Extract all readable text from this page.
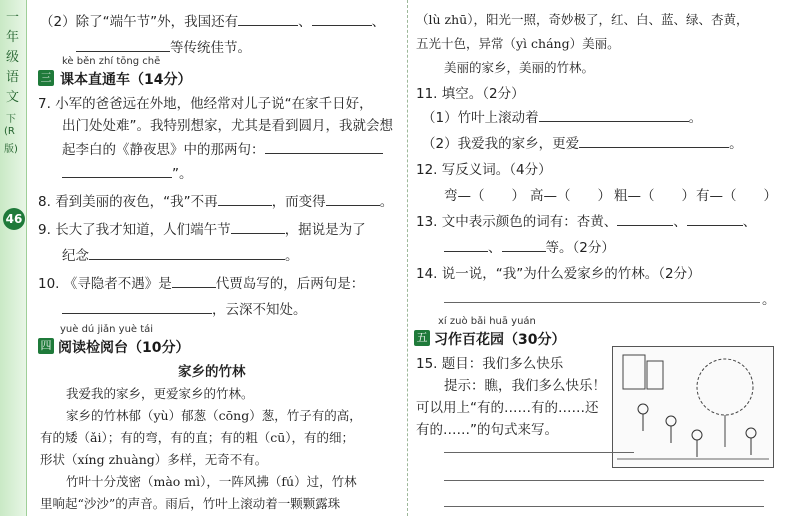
一
年
级
语
文
下
(R
版)
46
（2）除了“端午节”外，我国还有	、	、
等传统佳节。
kè běn zhí tōng chē
三 课本直通车（14分）
7. 小军的爸爸远在外地，他经常对儿子说“在家千日好，
出门处处难”。我特别想家，尤其是看到圆月，我就会想
起李白的《静夜思》中的那两句：
”。
8. 看到美丽的夜色，“我”不再	，而变得	。
9. 长大了我才知道，人们端午节	，据说是为了
纪念	。
10. 《寻隐者不遇》是	代贾岛写的，后两句是：
，云深不知处。
yuè dú jiǎn yuè tái
四 阅读检阅台（10分）
家乡的竹林
我爱我的家乡，更爱家乡的竹林。
家乡的竹林郁（yù）郁葱（cōng）葱，竹子有的高，
有的矮（ǎi）；有的弯，有的直；有的粗（cū），有的细；
形状（xíng zhuàng）多样，无奇不有。
竹叶十分茂密（mào mì），一阵风拂（fú）过，竹林
里响起“沙沙”的声音。雨后，竹叶上滚动着一颗颗露珠
（lù zhū），阳光一照，奇妙极了，红、白、蓝、绿、杏黄，
五光十色，异常（yì cháng）美丽。
美丽的家乡，美丽的竹林。
11. 填空。（2分）
（1）竹叶上滚动着	。
（2）我爱我的家乡，更爱	。
12. 写反义词。（4分）
弯—（　　） 高—（　　） 粗—（　　） 有—（　　）
13. 文中表示颜色的词有：杏黄、	、	、
、	等。（2分）
14. 说一说，“我”为什么爱家乡的竹林。（2分）
。
xí zuò bǎi huā yuán
五 习作百花园（30分）
15. 题目：我们多么快乐
提示：瞧，我们多么快乐！
可以用上“有的……有的……还
有的……”的句式来写。
